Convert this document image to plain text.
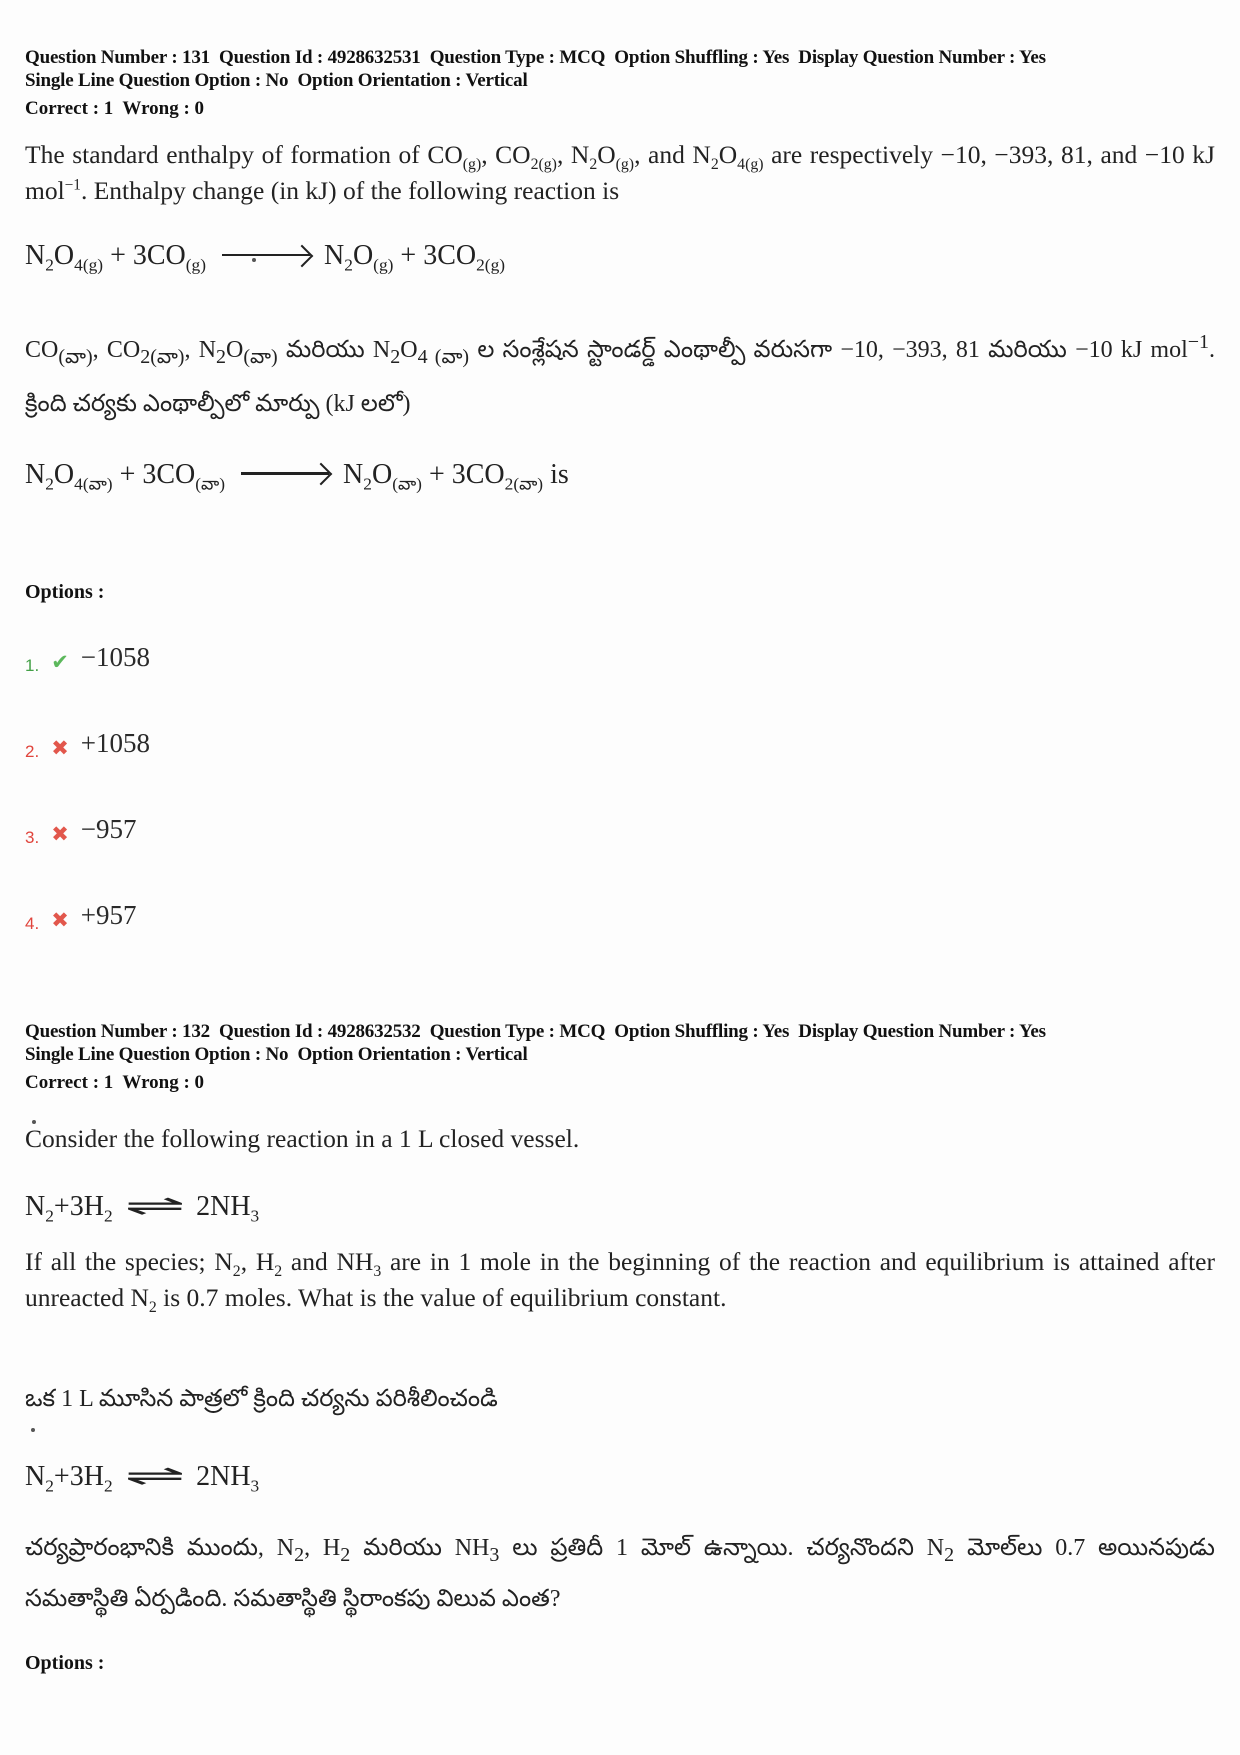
Question Number : 131  Question Id : 4928632531  Question Type : MCQ  Option Shuffling : Yes  Display Question Number : Yes
Single Line Question Option : No  Option Orientation : Vertical
Correct : 1  Wrong : 0

The standard enthalpy of formation of $CO_{(g)}$, $CO_{2(g)}$, $N_2O_{(g)}$, and $N_2O_{4(g)}$ are respectively −10, −393, 81, and −10 kJ mol$^{-1}$. Enthalpy change (in kJ) of the following reaction is

$N_2O_{4(g)} + 3CO_{(g)}$	$N_2O_{(g)} + 3CO_{2(g)}$

$CO_{(వా)}$, $CO_{2(వా)}$, $N_2O_{(వా)}$ మరియు $N_2O_{4 (వా)}$ ల సంశ్లేషన స్టాండర్డ్ ఎంథాల్పీ వరుసగా −10, −393, 81 మరియు −10 kJ mol$^{-1}$. క్రింది చర్యకు ఎంథాల్పీలో మార్పు (kJ లలో)

$N_2O_{4(వా)} + 3CO_{(వా)}$	$N_2O_{(వా)} + 3CO_{2(వా)}$ is
Options :
1. ✔ −1058
2. ✖ +1058
3. ✖ −957
4. ✖ +957
Question Number : 132  Question Id : 4928632532  Question Type : MCQ  Option Shuffling : Yes  Display Question Number : Yes
Single Line Question Option : No  Option Orientation : Vertical
Correct : 1  Wrong : 0

Consider the following reaction in a 1 L closed vessel.

$N_2+3H_2$ ⇌ $2NH_3$

If all the species; $N_2$, $H_2$ and $NH_3$ are in 1 mole in the beginning of the reaction and equilibrium is attained after unreacted $N_2$ is 0.7 moles. What is the value of equilibrium constant.

ఒక 1 L మూసిన పాత్రలో క్రింది చర్యను పరిశీలించండి
$N_2+3H_2$ ⇌ $2NH_3$

చర్యప్రారంభానికి ముందు, $N_2$, $H_2$ మరియు $NH_3$ లు ప్రతిదీ 1 మోల్ ఉన్నాయి. చర్యనొందని $N_2$ మోల్‌లు 0.7 అయినపుడు సమతాస్థితి ఏర్పడింది. సమతాస్థితి స్థిరాంకపు విలువ ఎంత?

Options :
